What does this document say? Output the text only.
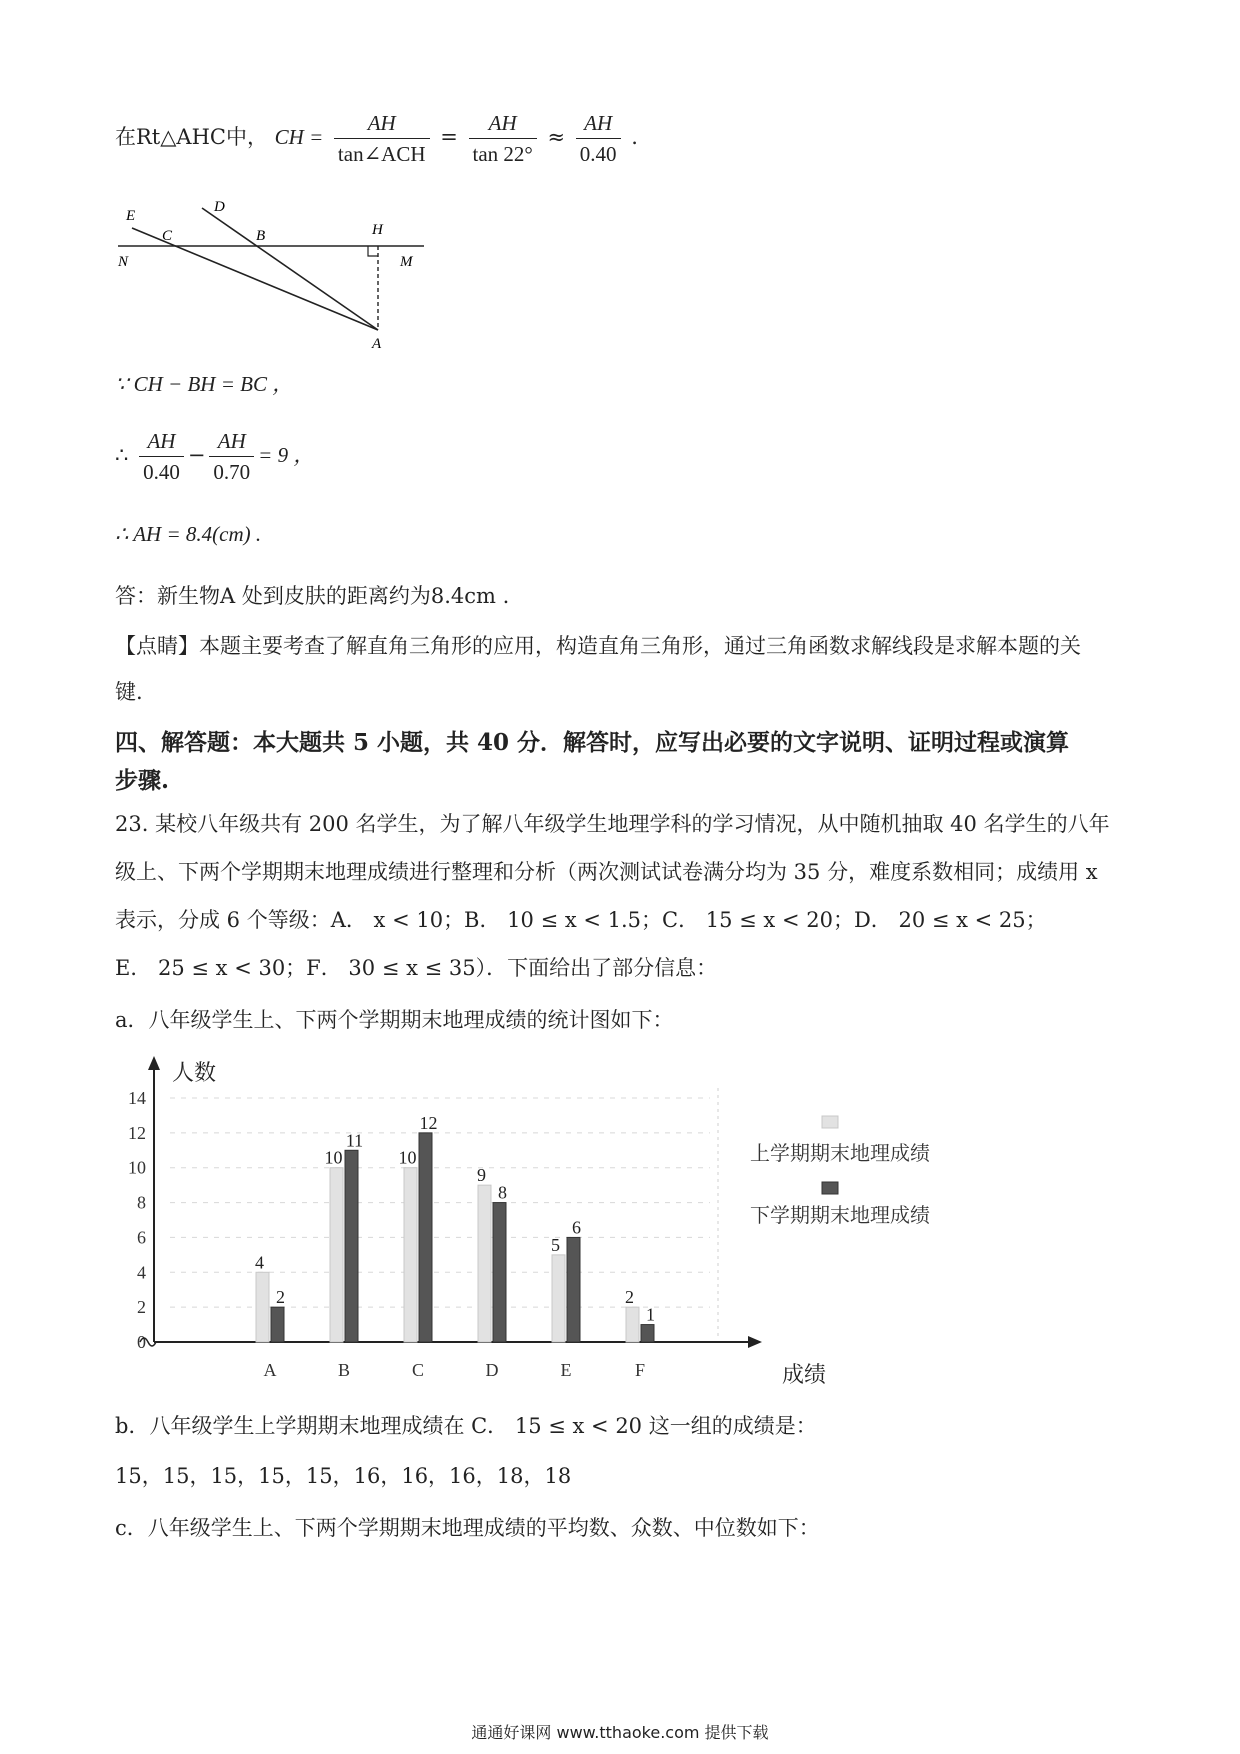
在Rt△AHC中， CH = $\frac{AH}{\text{tan∠ACH}} = \frac{AH}{\tan 22^\circ} \approx \frac{AH}{0.40}$ .
E
D
C	B	H
N	M
A
∵ CH − BH = BC ，
∴ $\frac{AH}{0.40} - \frac{AH}{0.70} = 9$ ，
∴ AH = 8.4(cm) .
答：新生物A 处到皮肤的距离约为8.4cm .
【点睛】本题主要考查了解直角三角形的应用，构造直角三角形，通过三角函数求解线段是求解本题的关
键.
四、解答题：本大题共 5 小题，共 40 分．解答时，应写出必要的文字说明、证明过程或演算
步骤.
23. 某校八年级共有 200 名学生，为了解八年级学生地理学科的学习情况，从中随机抽取 40 名学生的八年
级上、下两个学期期末地理成绩进行整理和分析（两次测试试卷满分均为 35 分，难度系数相同；成绩用 x
表示，分成 6 个等级：A． x < 10；B． 10 ≤ x < 1.5；C． 15 ≤ x < 20；D． 20 ≤ x < 25；
E． 25 ≤ x < 30；F． 30 ≤ x ≤ 35）．下面给出了部分信息：
a．八年级学生上、下两个学期期末地理成绩的统计图如下：
0
2
4
6
8
10
12
14
人数
成绩
A
4
2
B
10
11
C
10
12
D
9
8
E
5
6
F
2
1
上学期期末地理成绩
下学期期末地理成绩
b．八年级学生上学期期末地理成绩在 C． 15 ≤ x < 20 这一组的成绩是：
15，15，15，15，15，16，16，16，18，18
c．八年级学生上、下两个学期期末地理成绩的平均数、众数、中位数如下：
通通好课网 www.tthaoke.com 提供下载
